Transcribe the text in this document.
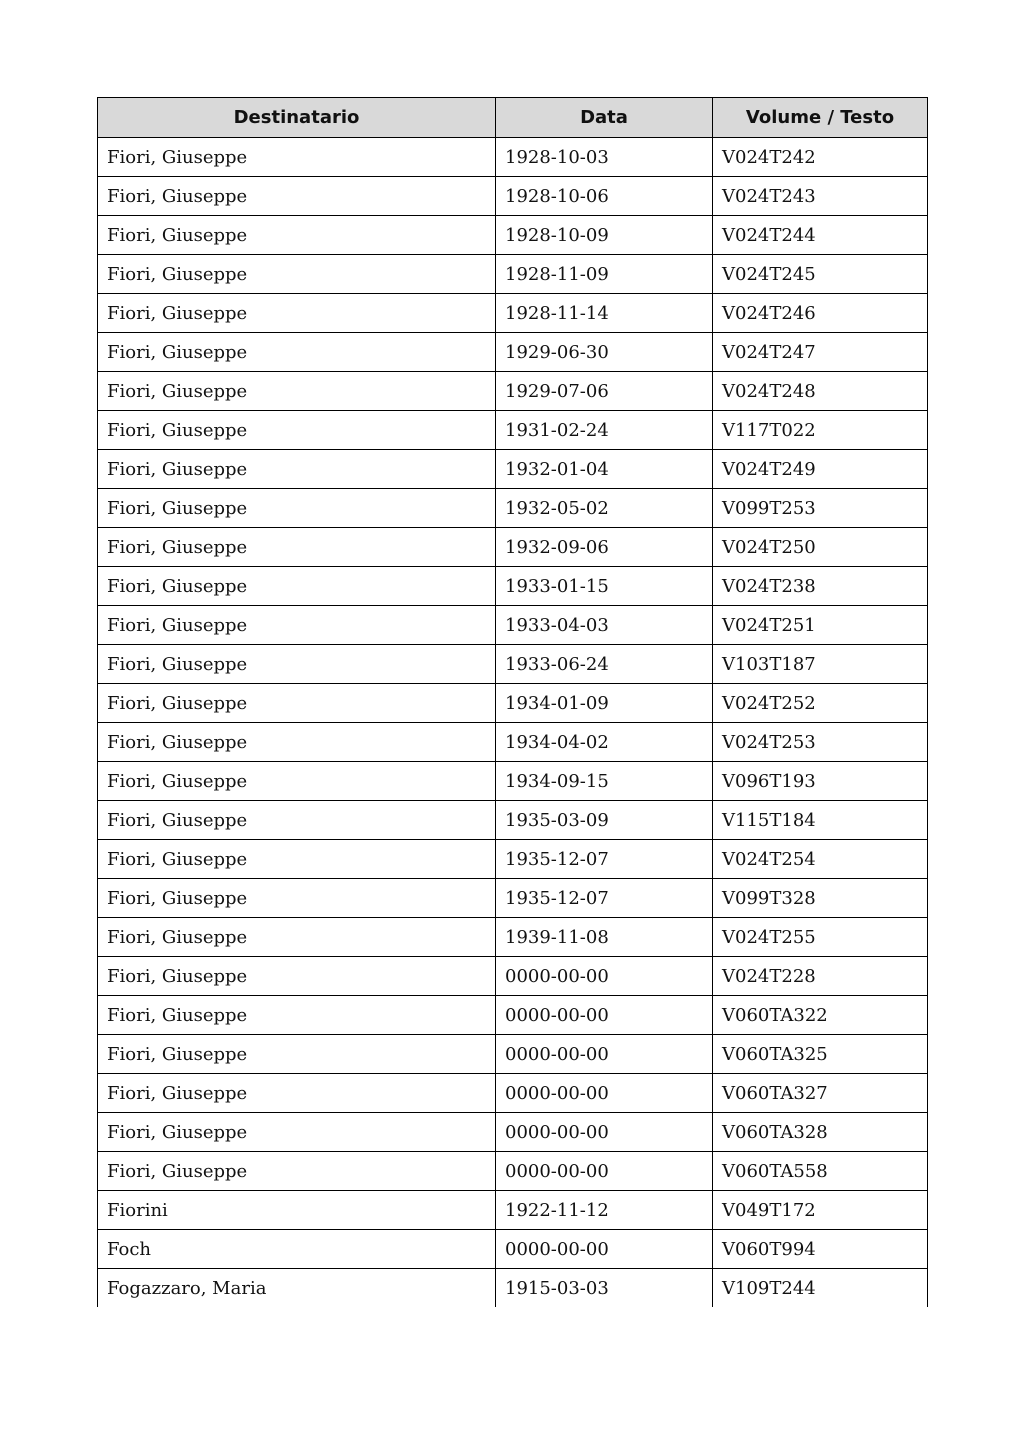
Destinatario	Data	Volume / Testo
Fiori, Giuseppe	1928-10-03	V024T242
Fiori, Giuseppe	1928-10-06	V024T243
Fiori, Giuseppe	1928-10-09	V024T244
Fiori, Giuseppe	1928-11-09	V024T245
Fiori, Giuseppe	1928-11-14	V024T246
Fiori, Giuseppe	1929-06-30	V024T247
Fiori, Giuseppe	1929-07-06	V024T248
Fiori, Giuseppe	1931-02-24	V117T022
Fiori, Giuseppe	1932-01-04	V024T249
Fiori, Giuseppe	1932-05-02	V099T253
Fiori, Giuseppe	1932-09-06	V024T250
Fiori, Giuseppe	1933-01-15	V024T238
Fiori, Giuseppe	1933-04-03	V024T251
Fiori, Giuseppe	1933-06-24	V103T187
Fiori, Giuseppe	1934-01-09	V024T252
Fiori, Giuseppe	1934-04-02	V024T253
Fiori, Giuseppe	1934-09-15	V096T193
Fiori, Giuseppe	1935-03-09	V115T184
Fiori, Giuseppe	1935-12-07	V024T254
Fiori, Giuseppe	1935-12-07	V099T328
Fiori, Giuseppe	1939-11-08	V024T255
Fiori, Giuseppe	0000-00-00	V024T228
Fiori, Giuseppe	0000-00-00	V060TA322
Fiori, Giuseppe	0000-00-00	V060TA325
Fiori, Giuseppe	0000-00-00	V060TA327
Fiori, Giuseppe	0000-00-00	V060TA328
Fiori, Giuseppe	0000-00-00	V060TA558
Fiorini	1922-11-12	V049T172
Foch	0000-00-00	V060T994
Fogazzaro, Maria	1915-03-03	V109T244
